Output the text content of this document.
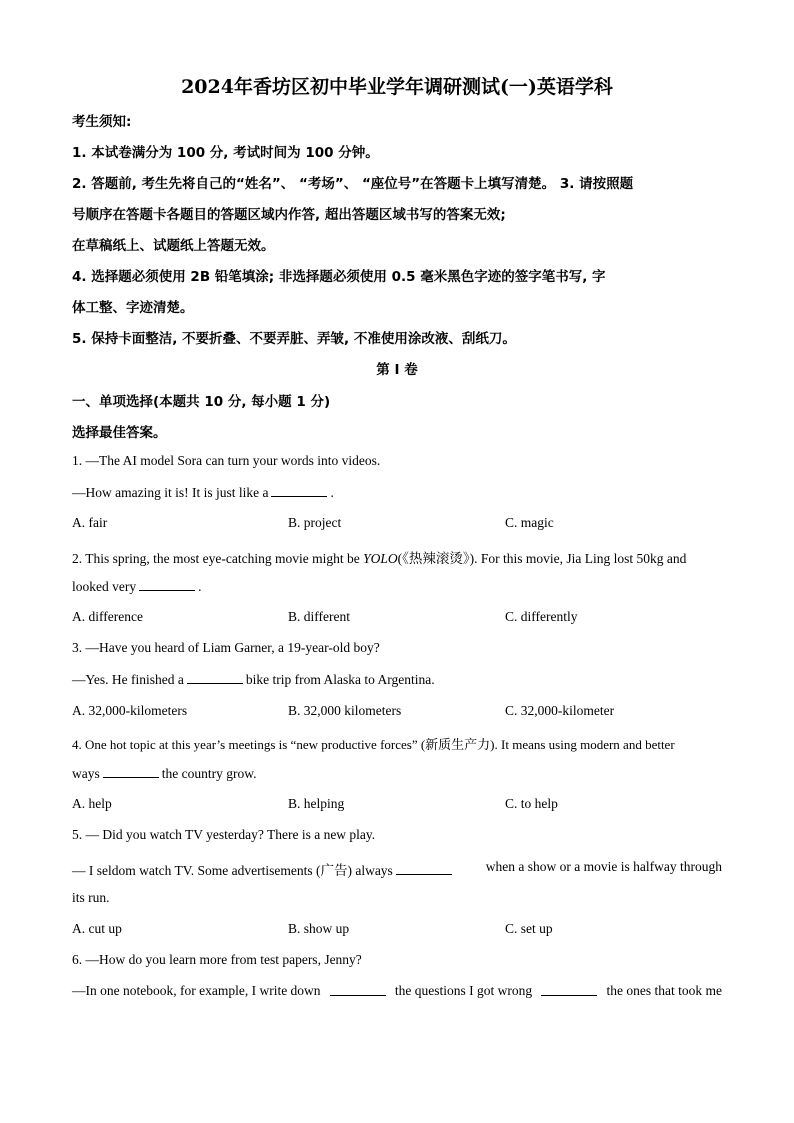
2024年香坊区初中毕业学年调研测试(一)英语学科
考生须知:
1. 本试卷满分为 100 分, 考试时间为 100 分钟。
2. 答题前, 考生先将自己的“姓名”、 “考场”、 “座位号”在答题卡上填写清楚。 3. 请按照题
号顺序在答题卡各题目的答题区域内作答, 超出答题区域书写的答案无效;
在草稿纸上、试题纸上答题无效。
4. 选择题必须使用 2B 铅笔填涂; 非选择题必须使用 0.5 毫米黑色字迹的签字笔书写, 字
体工整、字迹清楚。
5. 保持卡面整洁, 不要折叠、不要弄脏、弄皱, 不准使用涂改液、刮纸刀。
第 Ⅰ 卷
一、单项选择(本题共 10 分, 每小题 1 分)
选择最佳答案。
1. —The AI model Sora can turn your words into videos.
—How amazing it is! It is just like a	.
A. fair	B. project	C. magic
2. This spring, the most eye-catching movie might be YOLO(《热辣滚烫》). For this movie, Jia Ling lost 50kg and
looked very	.
A. difference	B. different	C. differently
3. —Have you heard of Liam Garner, a 19-year-old boy?
—Yes. He finished a	bike trip from Alaska to Argentina.
A. 32,000-kilometers	B. 32,000 kilometers	C. 32,000-kilometer
4. One hot topic at this year’s meetings is “new productive forces” (新质生产力). It means using modern and better
ways	the country grow.
A. help	B. helping	C. to help
5. — Did you watch TV yesterday? There is a new play.
— I seldom watch TV. Some advertisements (广告) always	when a show or a movie is halfway through
its run.
A. cut up	B. show up	C. set up
6. —How do you learn more from test papers, Jenny?
—In one notebook, for example, I write down	the questions I got wrong	the ones that took me
